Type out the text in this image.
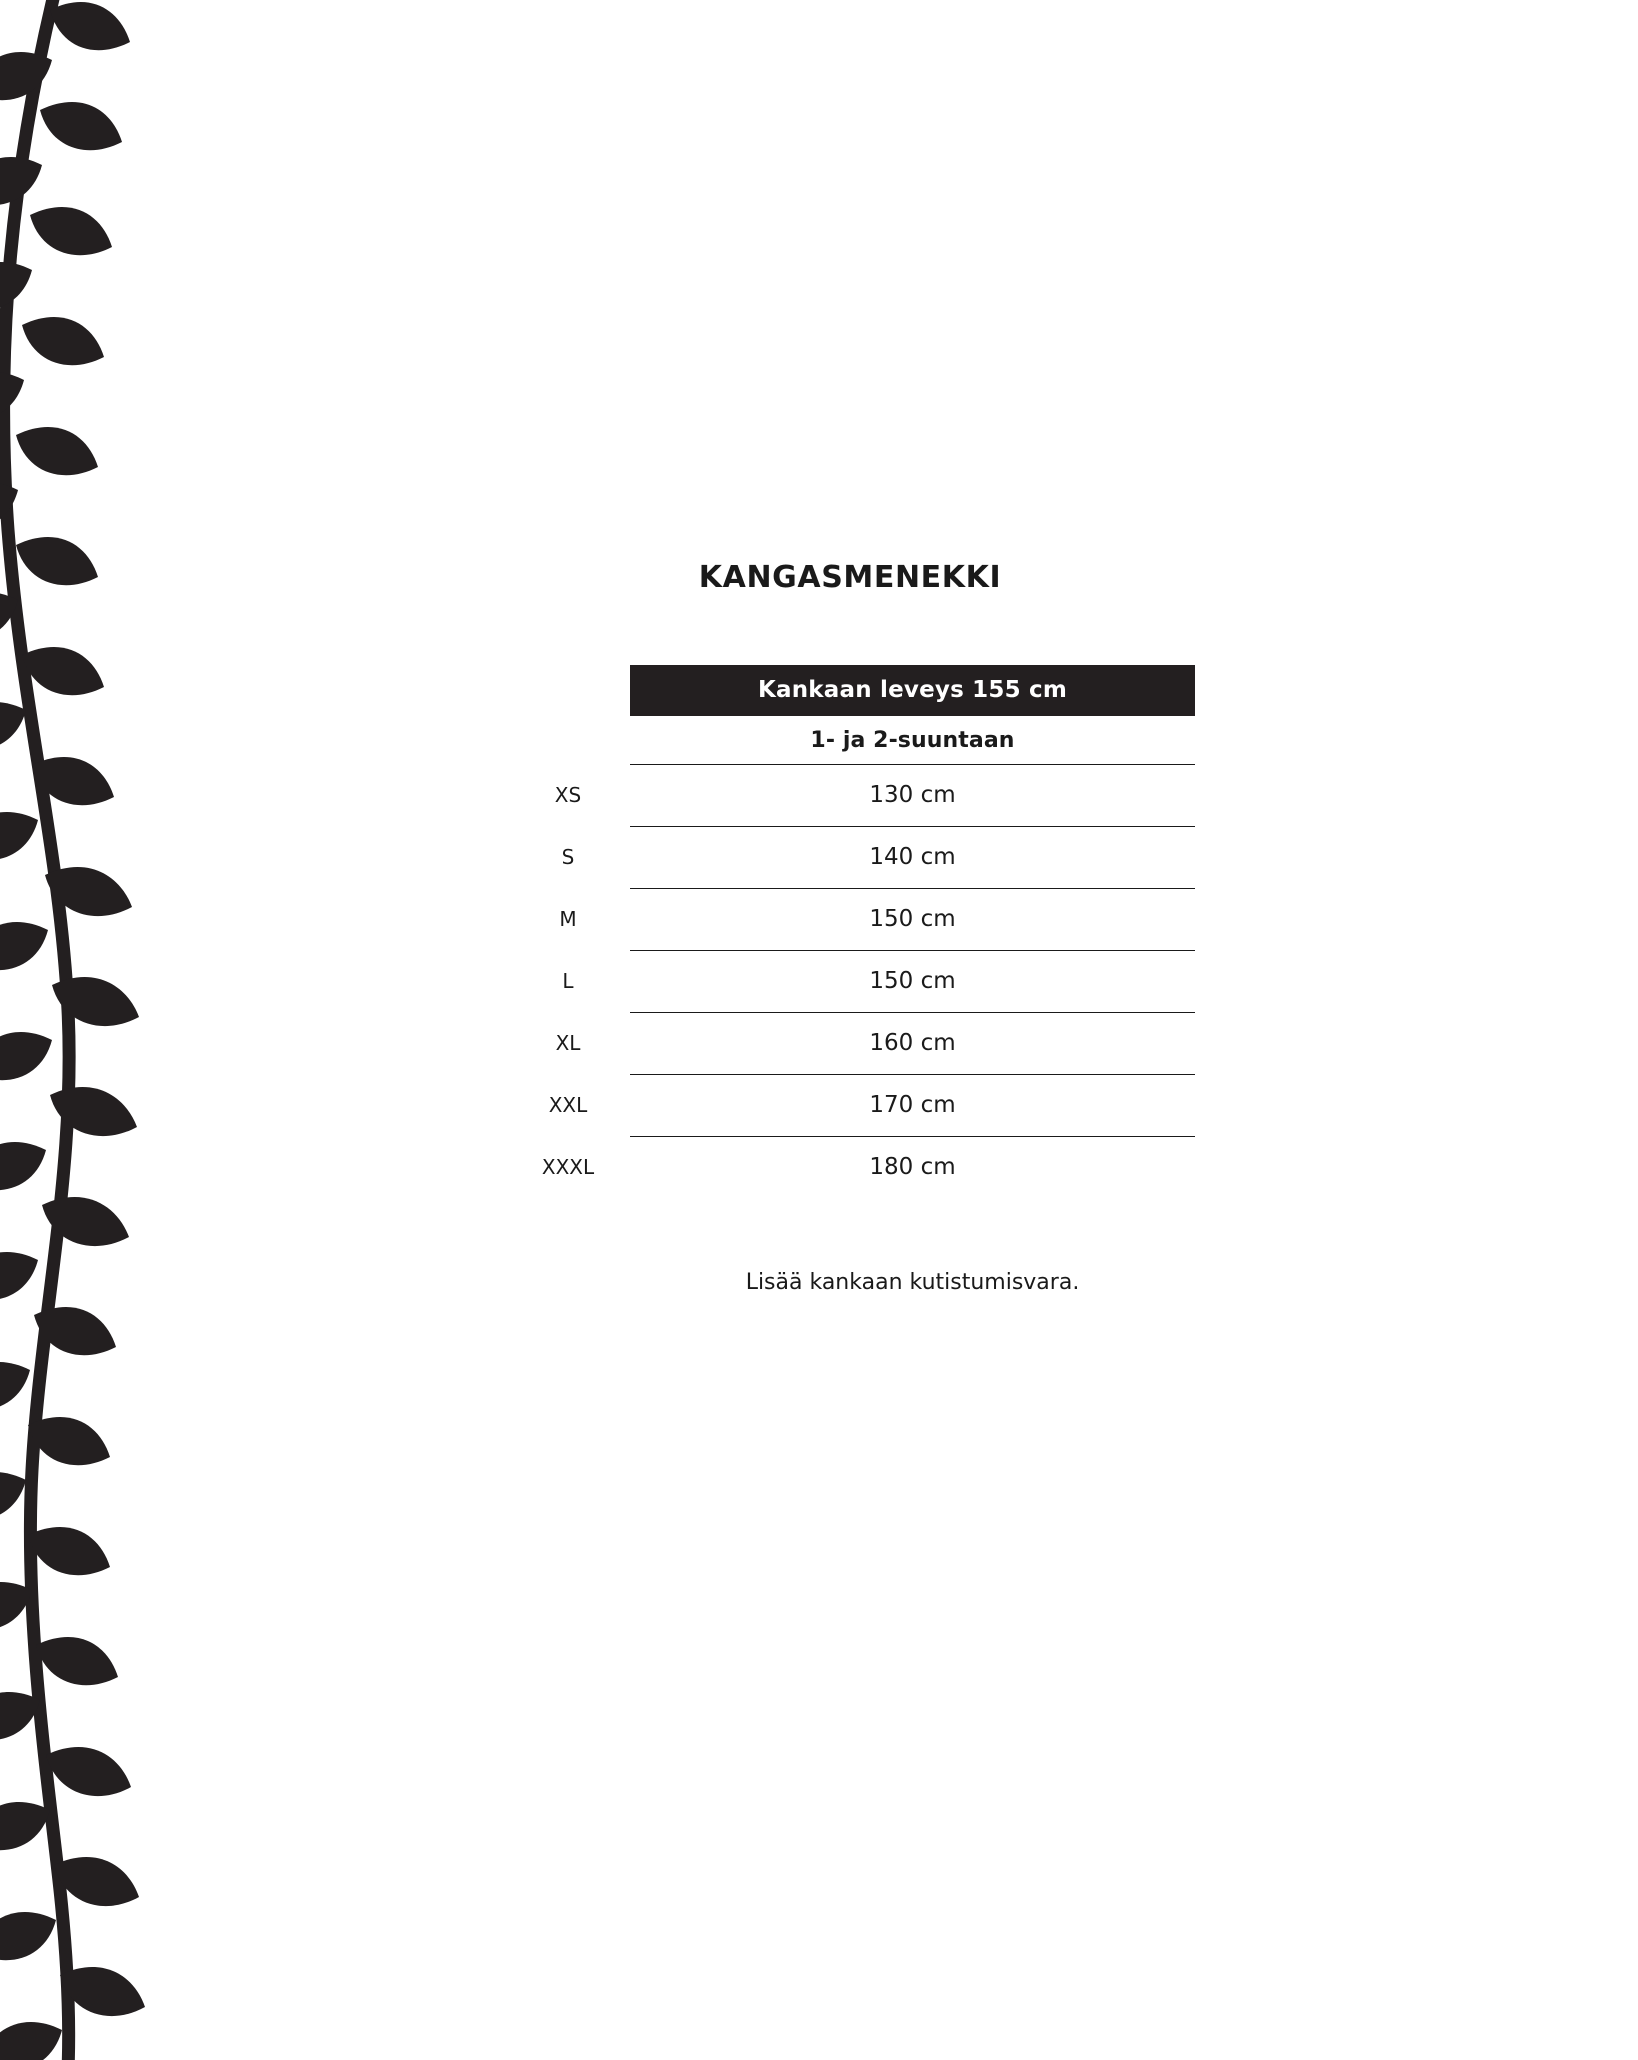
KANGASMENEKKI
Kankaan leveys 155 cm
1- ja 2-suuntaan
XS	130 cm
S	140 cm
M	150 cm
L	150 cm
XL	160 cm
XXL	170 cm
XXXL	180 cm
Lisää kankaan kutistumisvara.
